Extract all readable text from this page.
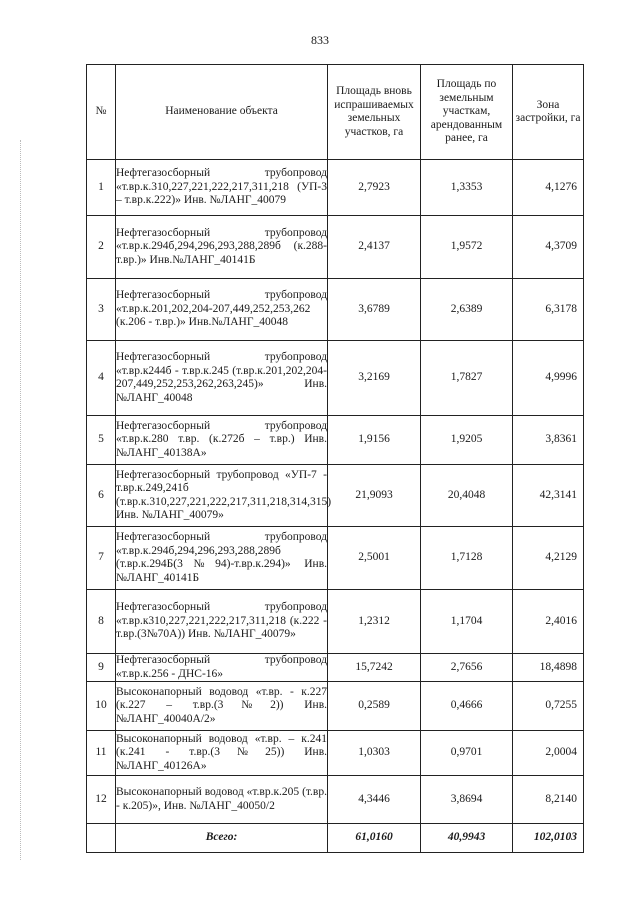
833
№	Наименование объекта	Площадь вновь испрашиваемых земельных участков, га	Площадь по земельным участкам, арендованным ранее, га	Зона застройки, га
1	Нефтегазосборный трубопровод «т.вр.к.310,227,221,222,217,311,218 (УП-3 – т.вр.к.222)» Инв. №ЛАНГ_40079	2,7923	1,3353	4,1276
2	Нефтегазосборный трубопровод «т.вр.к.294б,294,296,293,288,289б (к.288-т.вр.)» Инв.№ЛАНГ_40141Б	2,4137	1,9572	4,3709
3	Нефтегазосборный трубопровод «т.вр.к.201,202,204-207,449,252,253,262 (к.206 - т.вр.)» Инв.№ЛАНГ_40048	3,6789	2,6389	6,3178
4	Нефтегазосборный трубопровод «т.вр.к244б - т.вр.к.245 (т.вр.к.201,202,204-207,449,252,253,262,263,245)» Инв.№ЛАНГ_40048	3,2169	1,7827	4,9996
5	Нефтегазосборный трубопровод «т.вр.к.280 т.вр. (к.272б – т.вр.) Инв. №ЛАНГ_40138А»	1,9156	1,9205	3,8361
6	Нефтегазосборный трубопровод «УП-7 - т.вр.к.249,241б (т.вр.к.310,227,221,222,217,311,218,314,315) Инв. №ЛАНГ_40079»	21,9093	20,4048	42,3141
7	Нефтегазосборный трубопровод «т.вр.к.294б,294,296,293,288,289б (т.вр.к.294Б(3№94)-т.вр.к.294)» Инв.№ЛАНГ_40141Б	2,5001	1,7128	4,2129
8	Нефтегазосборный трубопровод «т.вр.к310,227,221,222,217,311,218 (к.222 - т.вр.(3№70А)) Инв. №ЛАНГ_40079»	1,2312	1,1704	2,4016
9	Нефтегазосборный трубопровод «т.вр.к.256 - ДНС-16»	15,7242	2,7656	18,4898
10	Высоконапорный водовод «т.вр. - к.227 (к.227 – т.вр.(3№2)) Инв. №ЛАНГ_40040А/2»	0,2589	0,4666	0,7255
11	Высоконапорный водовод «т.вр. – к.241 (к.241 - т.вр.(3№25)) Инв. №ЛАНГ_40126А»	1,0303	0,9701	2,0004
12	Высоконапорный водовод «т.вр.к.205 (т.вр. - к.205)», Инв. №ЛАНГ_40050/2	4,3446	3,8694	8,2140
	Всего:	61,0160	40,9943	102,0103
